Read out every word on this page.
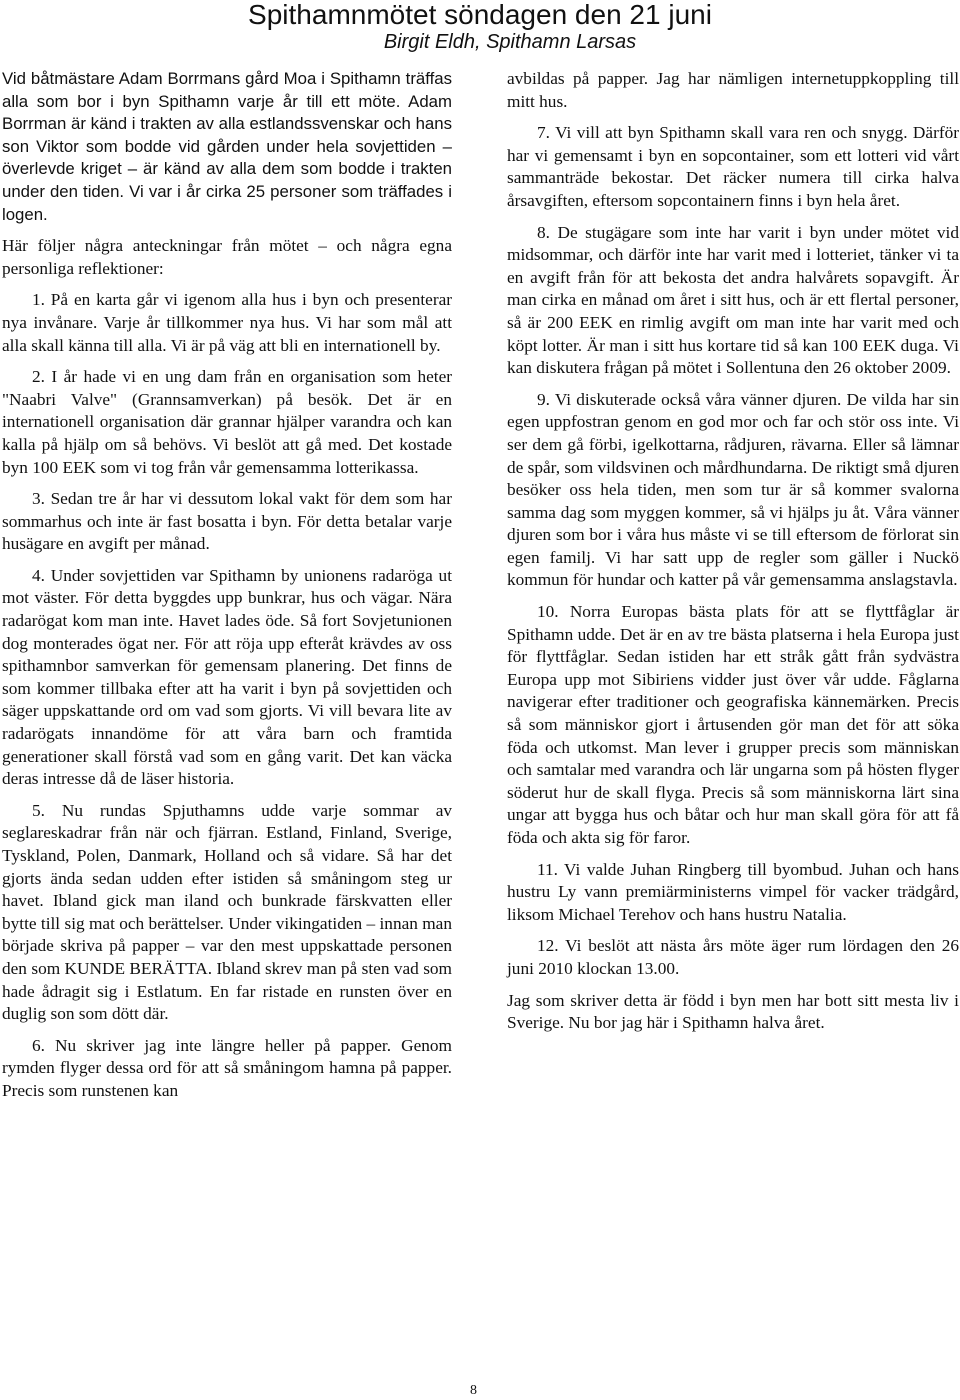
Spithamnmötet söndagen den 21 juni

Birgit Eldh, Spithamn Larsas

Vid båtmästare Adam Borrmans gård Moa i Spithamn träffas alla som bor i byn Spithamn varje år till ett möte. Adam Borrman är känd i trakten av alla estlandssvenskar och hans son Viktor som bodde vid gården under hela sovjettiden – överlevde kriget – är känd av alla dem som bodde i trakten under den tiden. Vi var i år cirka 25 personer som träffades i logen.

Här följer några anteckningar från mötet – och några egna personliga reflektioner:

1. På en karta går vi igenom alla hus i byn och presenterar nya invånare. Varje år tillkommer nya hus. Vi har som mål att alla skall känna till alla. Vi är på väg att bli en internationell by.

2. I år hade vi en ung dam från en organisation som heter "Naabri Valve" (Grannsamverkan) på besök. Det är en internationell organisation där grannar hjälper varandra och kan kalla på hjälp om så behövs. Vi beslöt att gå med. Det kostade byn 100 EEK som vi tog från vår gemensamma lotterikassa.

3. Sedan tre år har vi dessutom lokal vakt för dem som har sommarhus och inte är fast bosatta i byn. För detta betalar varje husägare en avgift per månad.

4. Under sovjettiden var Spithamn by unionens radaröga ut mot väster. För detta byggdes upp bunkrar, hus och vägar. Nära radarögat kom man inte. Havet lades öde. Så fort Sovjetunionen dog monterades ögat ner. För att röja upp efteråt krävdes av oss spithamnbor samverkan för gemensam planering. Det finns de som kommer tillbaka efter att ha varit i byn på sovjettiden och säger uppskattande ord om vad som gjorts. Vi vill bevara lite av radarögats innandöme för att våra barn och framtida generationer skall förstå vad som en gång varit. Det kan väcka deras intresse då de läser historia.

5. Nu rundas Spjuthamns udde varje sommar av seglareskadrar från när och fjärran. Estland, Finland, Sverige, Tyskland, Polen, Danmark, Holland och så vidare. Så har det gjorts ända sedan udden efter istiden så småningom steg ur havet. Ibland gick man iland och bunkrade färskvatten eller bytte till sig mat och berättelser. Under vikingatiden – innan man började skriva på papper – var den mest uppskattade personen den som KUNDE BERÄTTA. Ibland skrev man på sten vad som hade ådragit sig i Estlatum. En far ristade en runsten över en duglig son som dött där.

6. Nu skriver jag inte längre heller på papper. Genom rymden flyger dessa ord för att så småningom hamna på papper. Precis som runstenen kan

avbildas på papper. Jag har nämligen internetuppkoppling till mitt hus.

7. Vi vill att byn Spithamn skall vara ren och snygg. Därför har vi gemensamt i byn en sopcontainer, som ett lotteri vid vårt sammanträde bekostar. Det räcker numera till cirka halva årsavgiften, eftersom sopcontainern finns i byn hela året.

8. De stugägare som inte har varit i byn under mötet vid midsommar, och därför inte har varit med i lotteriet, tänker vi ta en avgift från för att bekosta det andra halvårets sopavgift. Är man cirka en månad om året i sitt hus, och är ett flertal personer, så är 200 EEK en rimlig avgift om man inte har varit med och köpt lotter. Är man i sitt hus kortare tid så kan 100 EEK duga. Vi kan diskutera frågan på mötet i Sollentuna den 26 oktober 2009.

9. Vi diskuterade också våra vänner djuren. De vilda har sin egen uppfostran genom en god mor och far och stör oss inte. Vi ser dem gå förbi, igelkottarna, rådjuren, rävarna. Eller så lämnar de spår, som vildsvinen och mårdhundarna. De riktigt små djuren besöker oss hela tiden, men som tur är så kommer svalorna samma dag som myggen kommer, så vi hjälps ju åt. Våra vänner djuren som bor i våra hus måste vi se till eftersom de förlorat sin egen familj. Vi har satt upp de regler som gäller i Nuckö kommun för hundar och katter på vår gemensamma anslagstavla.

10. Norra Europas bästa plats för att se flyttfåglar är Spithamn udde. Det är en av tre bästa platserna i hela Europa just för flyttfåglar. Sedan istiden har ett stråk gått från sydvästra Europa upp mot Sibiriens vidder just över vår udde. Fåglarna navigerar efter traditioner och geografiska kännemärken. Precis så som människor gjort i årtusenden gör man det för att söka föda och utkomst. Man lever i grupper precis som människan och samtalar med varandra och lär ungarna som på hösten flyger söderut hur de skall flyga. Precis så som människorna lärt sina ungar att bygga hus och båtar och hur man skall göra för att få föda och akta sig för faror.

11. Vi valde Juhan Ringberg till byombud. Juhan och hans hustru Ly vann premiärministerns vimpel för vacker trädgård, liksom Michael Terehov och hans hustru Natalia.

12. Vi beslöt att nästa års möte äger rum lördagen den 26 juni 2010 klockan 13.00.

Jag som skriver detta är född i byn men har bott sitt mesta liv i Sverige. Nu bor jag här i Spithamn halva året.

8
